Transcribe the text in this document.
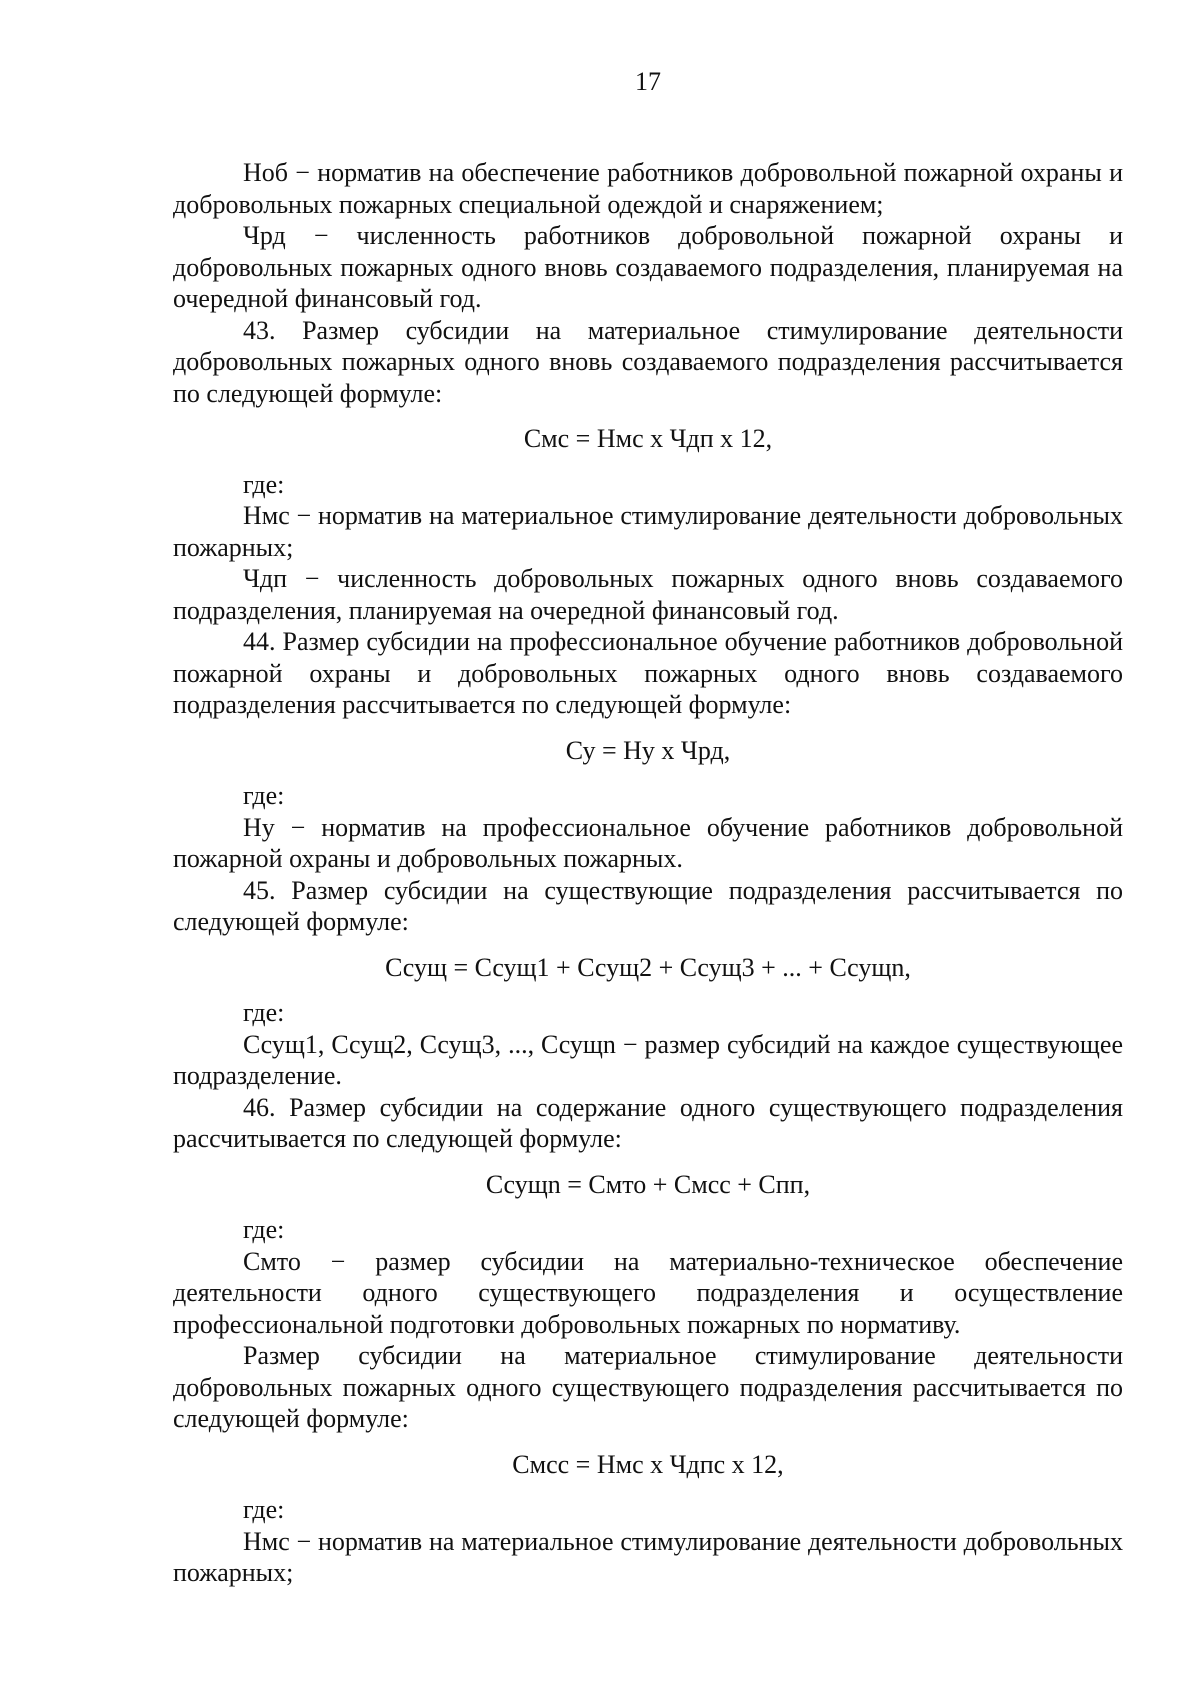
17

Ноб − норматив на обеспечение работников добровольной пожарной охраны и добровольных пожарных специальной одеждой и снаряжением;

Чрд − численность работников добровольной пожарной охраны и добровольных пожарных одного вновь создаваемого подразделения, планируемая на очередной финансовый год.

43. Размер субсидии на материальное стимулирование деятельности добровольных пожарных одного вновь создаваемого подразделения рассчитывается по следующей формуле:

Смс = Нмс х Чдп х 12,

где:

Нмс − норматив на материальное стимулирование деятельности добровольных пожарных;

Чдп − численность добровольных пожарных одного вновь создаваемого подразделения, планируемая на очередной финансовый год.

44. Размер субсидии на профессиональное обучение работников добровольной пожарной охраны и добровольных пожарных одного вновь создаваемого подразделения рассчитывается по следующей формуле:

Су = Ну х Чрд,

где:

Ну − норматив на профессиональное обучение работников добровольной пожарной охраны и добровольных пожарных.

45. Размер субсидии на существующие подразделения рассчитывается по следующей формуле:

Ссущ = Ссущ1 + Ссущ2 + Ссущ3 + ... + Ссущn,

где:

Ссущ1, Ссущ2, Ссущ3, ..., Ссущn − размер субсидий на каждое существующее подразделение.

46. Размер субсидии на содержание одного существующего подразделения рассчитывается по следующей формуле:

Ссущn = Смто + Смсс + Спп,

где:

Смто − размер субсидии на материально-техническое обеспечение деятельности одного существующего подразделения и осуществление профессиональной подготовки добровольных пожарных по нормативу.

Размер субсидии на материальное стимулирование деятельности добровольных пожарных одного существующего подразделения рассчитывается по следующей формуле:

Смсс = Нмс х Чдпс х 12,

где:

Нмс − норматив на материальное стимулирование деятельности добровольных пожарных;
